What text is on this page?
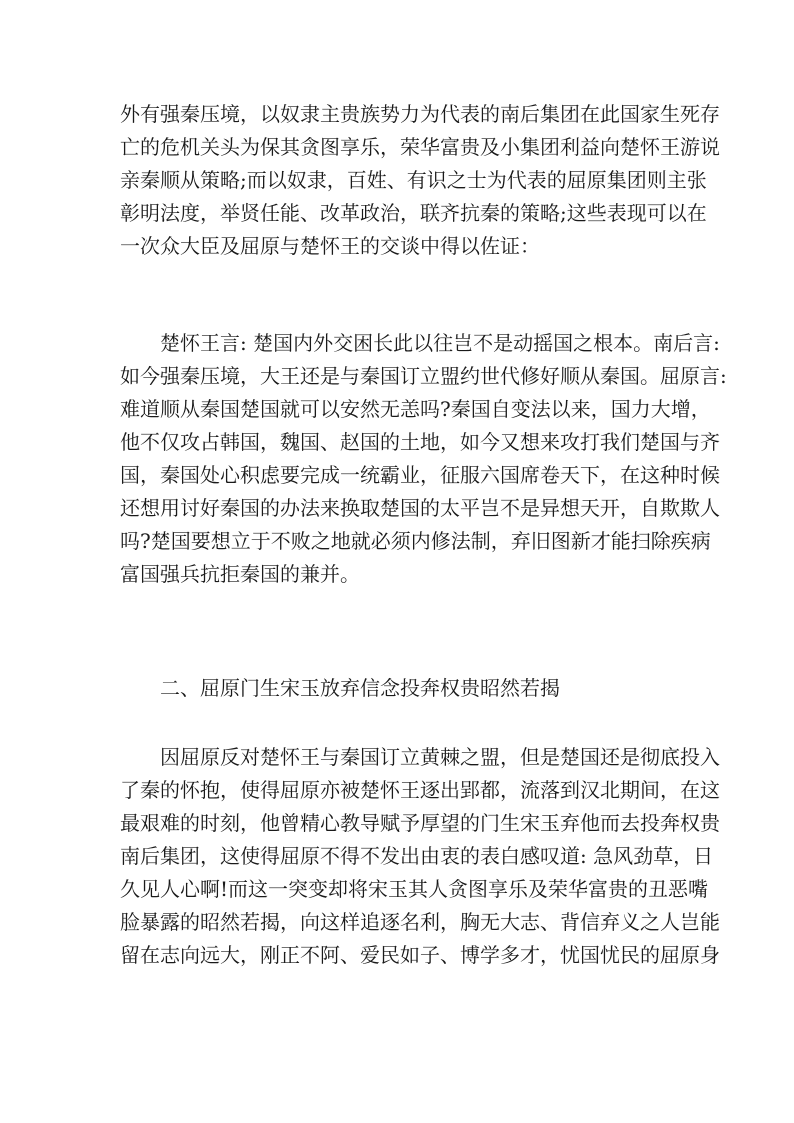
外有强秦压境，以奴隶主贵族势力为代表的南后集团在此国家生死存
亡的危机关头为保其贪图享乐，荣华富贵及小集团利益向楚怀王游说
亲秦顺从策略;而以奴隶，百姓、有识之士为代表的屈原集团则主张
彰明法度，举贤任能、改革政治，联齐抗秦的策略;这些表现可以在
一次众大臣及屈原与楚怀王的交谈中得以佐证：
楚怀王言: 楚国内外交困长此以往岂不是动摇国之根本。南后言:
如今强秦压境，大王还是与秦国订立盟约世代修好顺从秦国。屈原言:
难道顺从秦国楚国就可以安然无恙吗?秦国自变法以来，国力大增，
他不仅攻占韩国，魏国、赵国的土地，如今又想来攻打我们楚国与齐
国，秦国处心积虑要完成一统霸业，征服六国席卷天下，在这种时候
还想用讨好秦国的办法来换取楚国的太平岂不是异想天开，自欺欺人
吗?楚国要想立于不败之地就必须内修法制，弃旧图新才能扫除疾病
富国强兵抗拒秦国的兼并。
二、屈原门生宋玉放弃信念投奔权贵昭然若揭
因屈原反对楚怀王与秦国订立黄棘之盟，但是楚国还是彻底投入
了秦的怀抱，使得屈原亦被楚怀王逐出郢都，流落到汉北期间，在这
最艰难的时刻，他曾精心教导赋予厚望的门生宋玉弃他而去投奔权贵
南后集团，这使得屈原不得不发出由衷的表白感叹道: 急风劲草，日
久见人心啊!而这一突变却将宋玉其人贪图享乐及荣华富贵的丑恶嘴
脸暴露的昭然若揭，向这样追逐名利，胸无大志、背信弃义之人岂能
留在志向远大，刚正不阿、爱民如子、博学多才，忧国忧民的屈原身
